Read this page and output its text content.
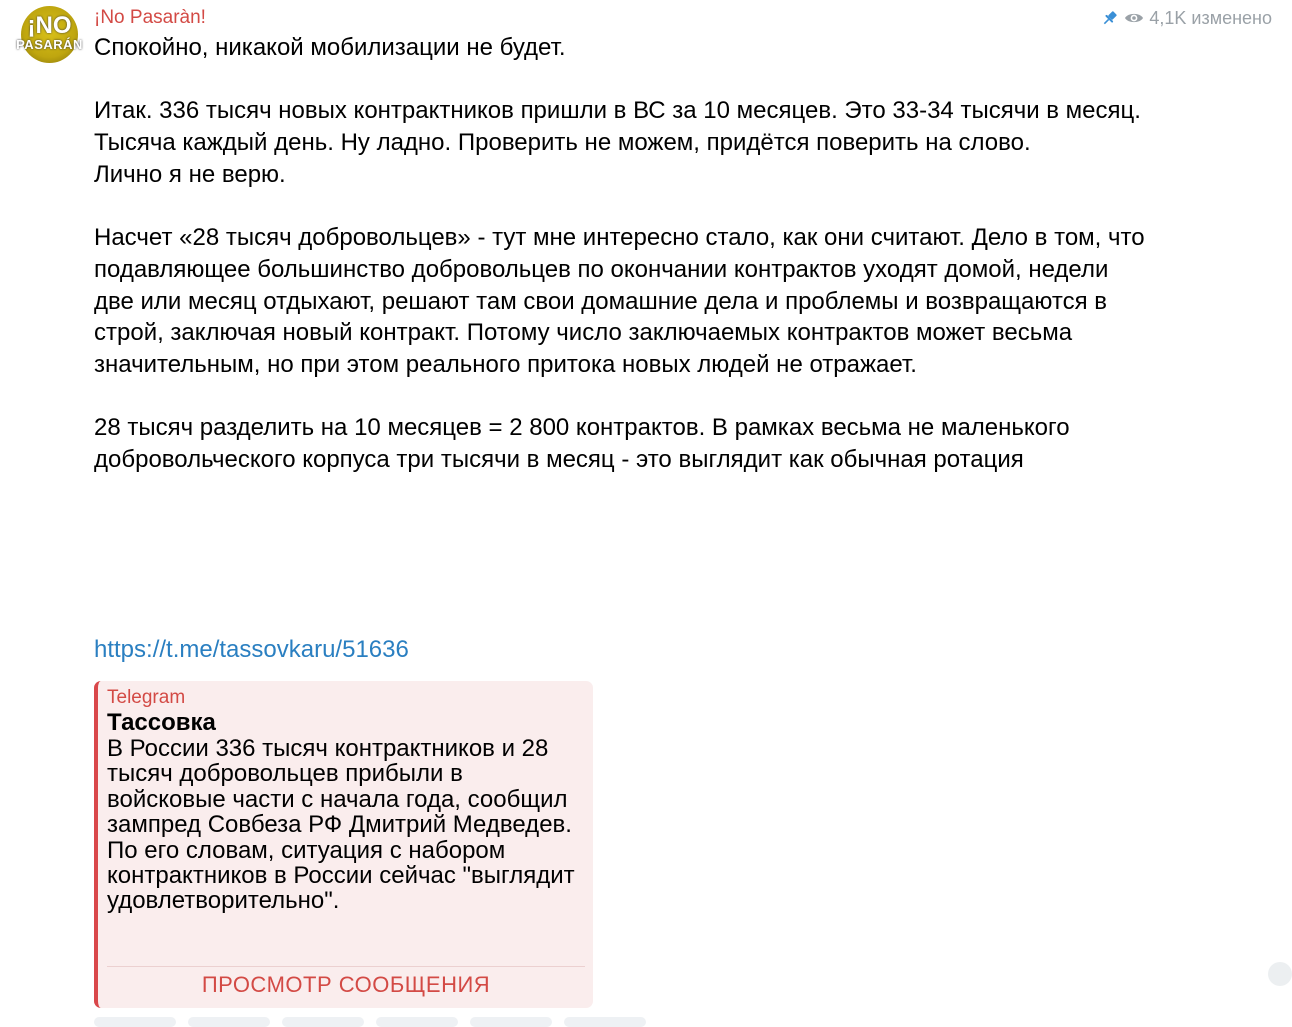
¡NO
PASARÁN
¡No Pasaràn!	4,1K изменено

Спокойно, никакой мобилизации не будет.

Итак. 336 тысяч новых контрактников пришли в ВС за 10 месяцев. Это 33-34 тысячи в месяц. Тысяча каждый день. Ну ладно. Проверить не можем, придётся поверить на слово.

Лично я не верю.

Насчет «28 тысяч добровольцев» - тут мне интересно стало, как они считают. Дело в том, что подавляющее большинство добровольцев по окончании контрактов уходят домой, недели две или месяц отдыхают, решают там свои домашние дела и проблемы и возвращаются в строй, заключая новый контракт. Потому число заключаемых контрактов может весьма значительным, но при этом реального притока новых людей не отражает.

28 тысяч разделить на 10 месяцев = 2 800 контрактов. В рамках весьма не маленького добровольческого корпуса три тысячи в месяц - это выглядит как обычная ротация

https://t.me/tassovkaru/51636
Telegram
Тассовка
В России 336 тысяч контрактников и 28 тысяч добровольцев прибыли в войсковые части с начала года, сообщил зампред Совбеза РФ Дмитрий Медведев. По его словам, ситуация с набором контрактников в России сейчас "выглядит удовлетворительно".
ПРОСМОТР СООБЩЕНИЯ
